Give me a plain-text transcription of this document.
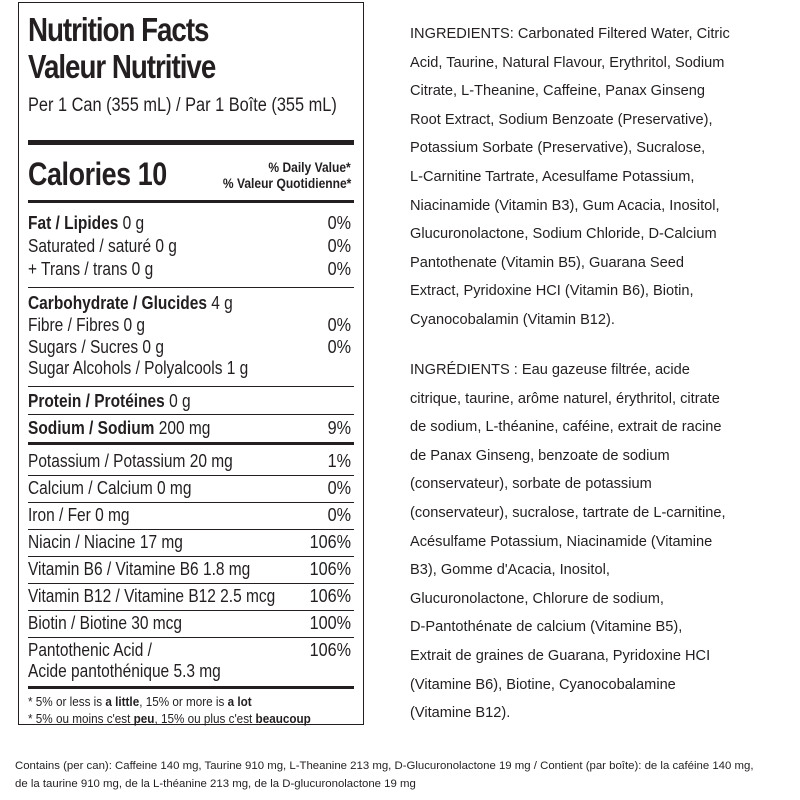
Nutrition Facts
Valeur Nutritive
Per 1 Can (355 mL) / Par 1 Boîte (355 mL)
Calories 10	% Daily Value*
% Valeur Quotidienne*
Fat / Lipides 0 g	0%
Saturated / saturé 0 g	0%
+ Trans / trans 0 g	0%
Carbohydrate / Glucides 4 g
Fibre / Fibres 0 g	0%
Sugars / Sucres 0 g	0%
Sugar Alcohols / Polyalcools 1 g
Protein / Protéines 0 g
Sodium / Sodium 200 mg	9%
Potassium / Potassium 20 mg	1%
Calcium / Calcium 0 mg	0%
Iron / Fer 0 mg	0%
Niacin / Niacine 17 mg	106%
Vitamin B6 / Vitamine B6 1.8 mg	106%
Vitamin B12 / Vitamine B12 2.5 mcg 106%
Biotin / Biotine 30 mcg	100%
Pantothenic Acid /	106%
Acide pantothénique 5.3 mg
* 5% or less is a little, 15% or more is a lot
* 5% ou moins c'est peu, 15% ou plus c'est beaucoup
INGREDIENTS: Carbonated Filtered Water, Citric
Acid, Taurine, Natural Flavour, Erythritol, Sodium
Citrate, L-Theanine, Caffeine, Panax Ginseng
Root Extract, Sodium Benzoate (Preservative),
Potassium Sorbate (Preservative), Sucralose,
L-Carnitine Tartrate, Acesulfame Potassium,
Niacinamide (Vitamin B3), Gum Acacia, Inositol,
Glucuronolactone, Sodium Chloride, D-Calcium
Pantothenate (Vitamin B5), Guarana Seed
Extract, Pyridoxine HCI (Vitamin B6), Biotin,
Cyanocobalamin (Vitamin B12).
INGRÉDIENTS : Eau gazeuse filtrée, acide
citrique, taurine, arôme naturel, érythritol, citrate
de sodium, L-théanine, caféine, extrait de racine
de Panax Ginseng, benzoate de sodium
(conservateur), sorbate de potassium
(conservateur), sucralose, tartrate de L-carnitine,
Acésulfame Potassium, Niacinamide (Vitamine
B3), Gomme d'Acacia, Inositol,
Glucuronolactone, Chlorure de sodium,
D-Pantothénate de calcium (Vitamine B5),
Extrait de graines de Guarana, Pyridoxine HCI
(Vitamine B6), Biotine, Cyanocobalamine
(Vitamine B12).
Contains (per can): Caffeine 140 mg, Taurine 910 mg, L-Theanine 213 mg, D-Glucuronolactone 19 mg / Contient (par boîte): de la caféine 140 mg,
de la taurine 910 mg, de la L-théanine 213 mg, de la D-glucuronolactone 19 mg
